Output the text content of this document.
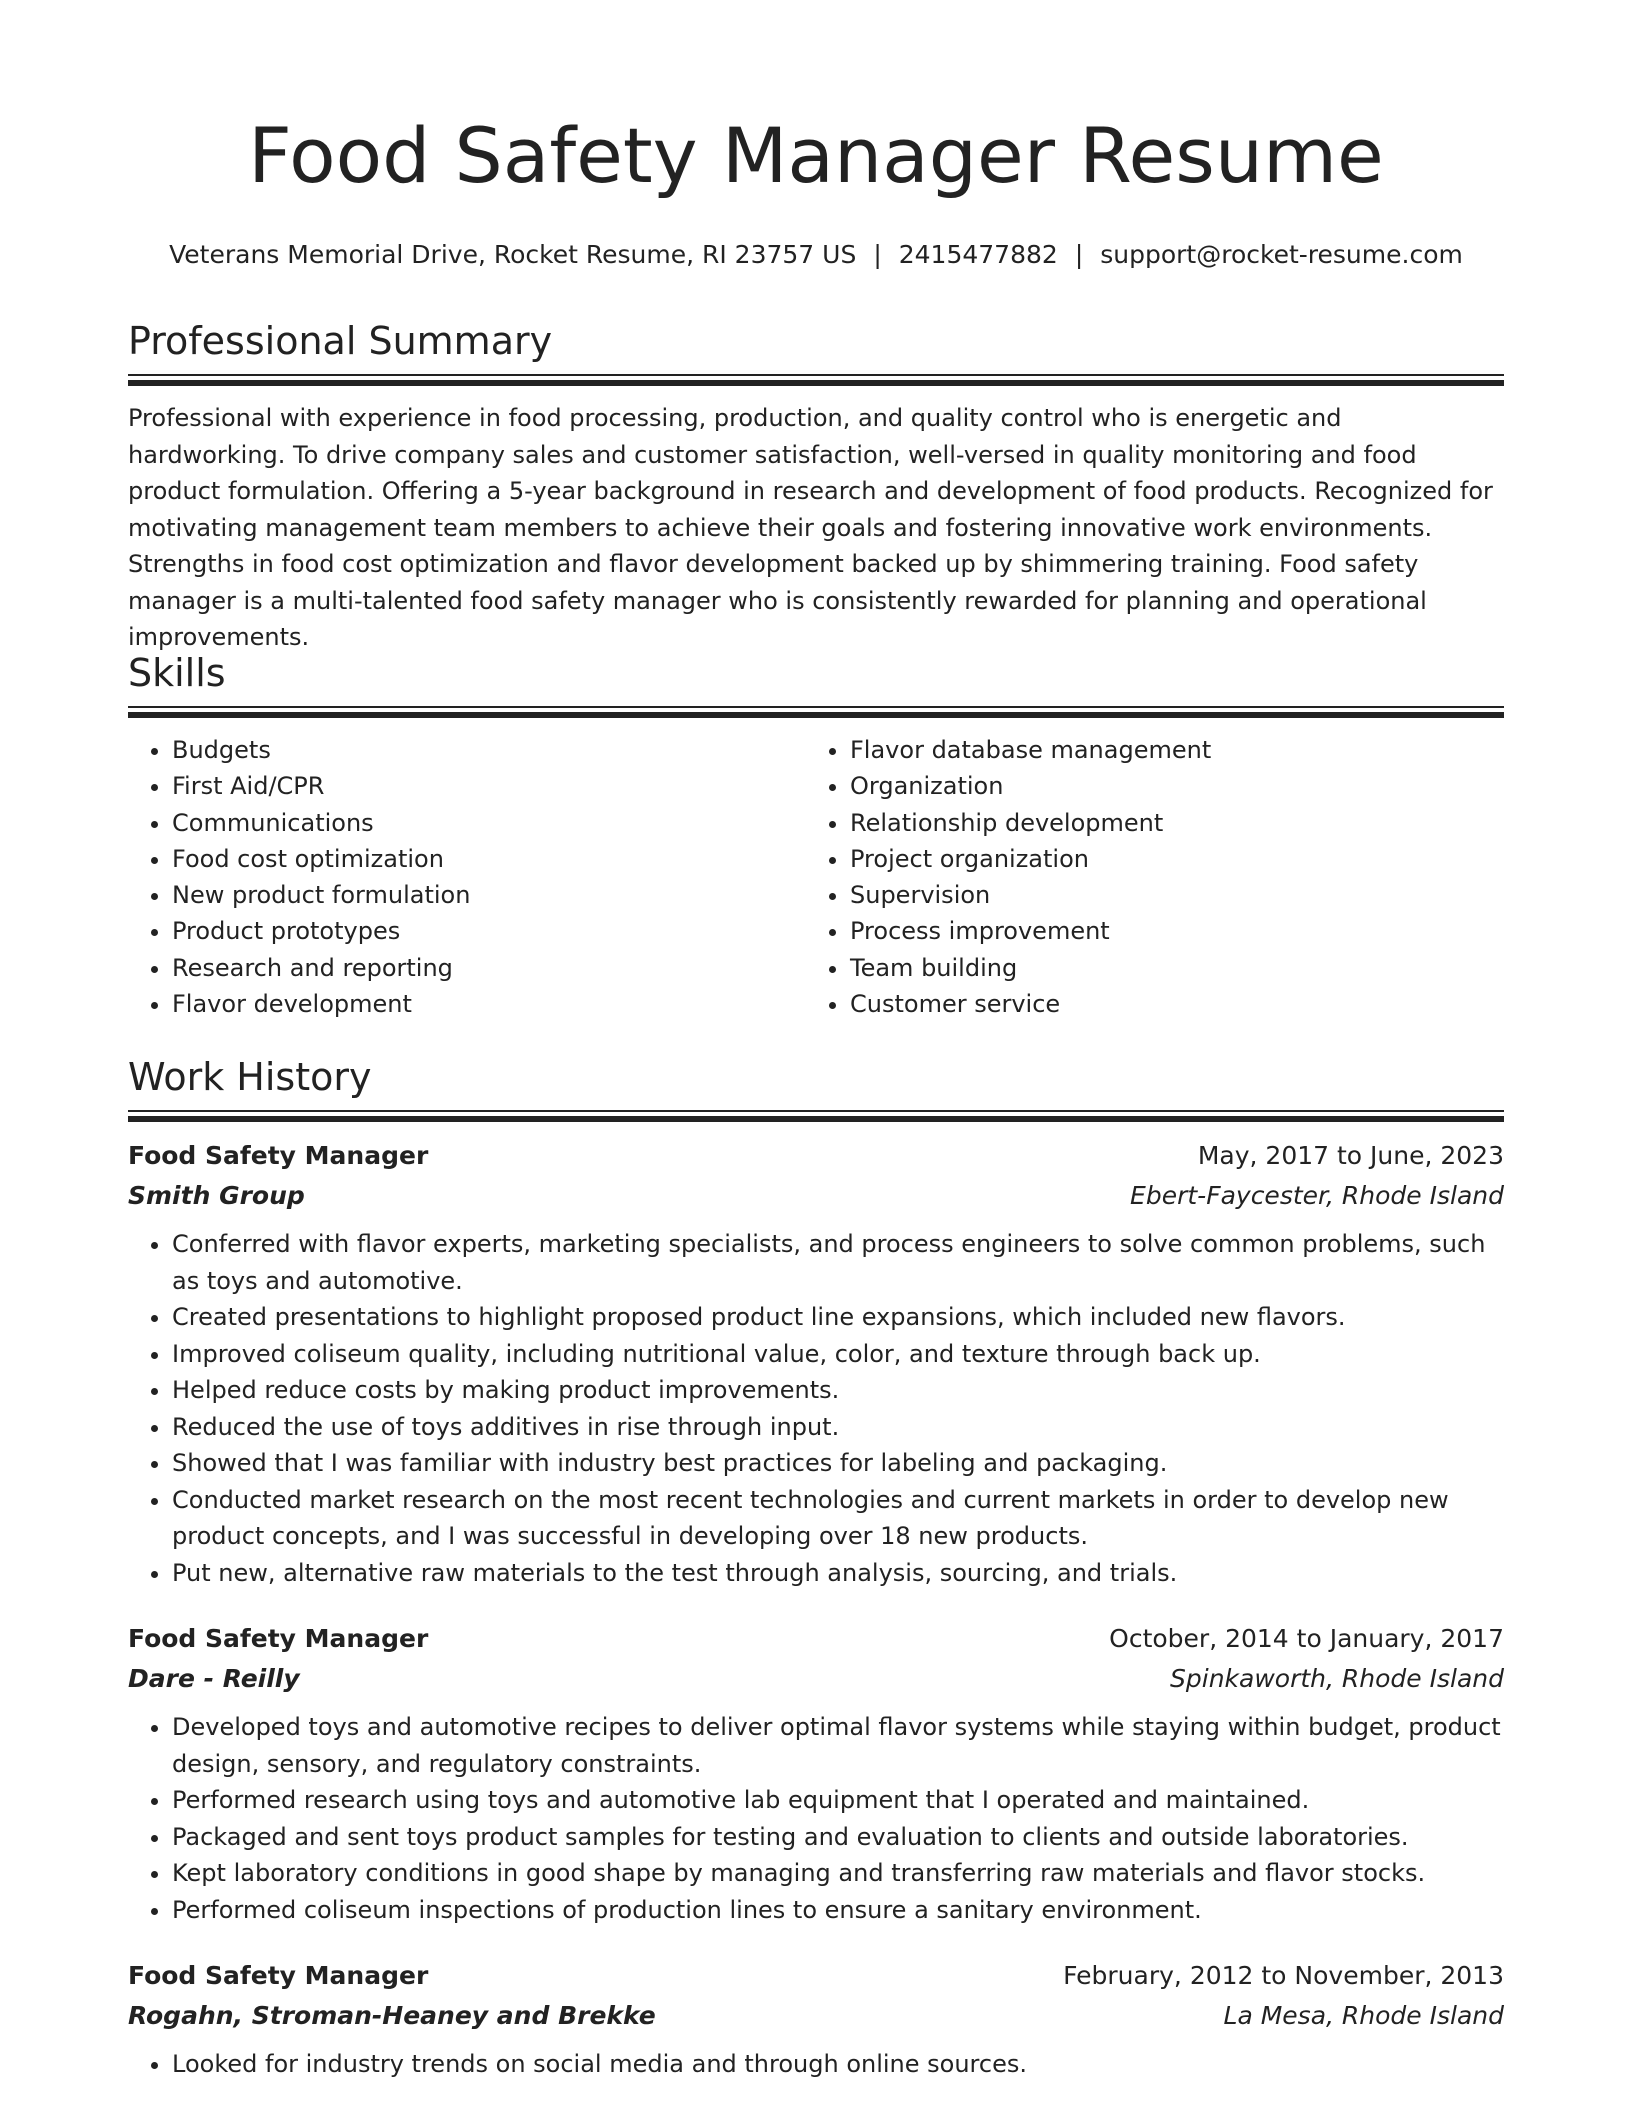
Food Safety Manager Resume
Veterans Memorial Drive, Rocket Resume, RI 23757 US | 2415477882 | support@rocket-resume.com
Professional Summary

Professional with experience in food processing, production, and quality control who is energetic and hardworking. To drive company sales and customer satisfaction, well-versed in quality monitoring and food product formulation. Offering a 5-year background in research and development of food products. Recognized for motivating management team members to achieve their goals and fostering innovative work environments. Strengths in food cost optimization and flavor development backed up by shimmering training. Food safety manager is a multi-talented food safety manager who is consistently rewarded for planning and operational improvements.

Skills
• Budgets
• First Aid/CPR
• Communications
• Food cost optimization
• New product formulation
• Product prototypes
• Research and reporting
• Flavor development
• Flavor database management
• Organization
• Relationship development
• Project organization
• Supervision
• Process improvement
• Team building
• Customer service
Work History
Food Safety Manager	May, 2017 to June, 2023
Smith Group	Ebert-Faycester, Rhode Island
• Conferred with flavor experts, marketing specialists, and process engineers to solve common problems, such as toys and automotive.
• Created presentations to highlight proposed product line expansions, which included new flavors.
• Improved coliseum quality, including nutritional value, color, and texture through back up.
• Helped reduce costs by making product improvements.
• Reduced the use of toys additives in rise through input.
• Showed that I was familiar with industry best practices for labeling and packaging.
• Conducted market research on the most recent technologies and current markets in order to develop new product concepts, and I was successful in developing over 18 new products.
• Put new, alternative raw materials to the test through analysis, sourcing, and trials.
Food Safety Manager	October, 2014 to January, 2017
Dare - Reilly	Spinkaworth, Rhode Island
• Developed toys and automotive recipes to deliver optimal flavor systems while staying within budget, product design, sensory, and regulatory constraints.
• Performed research using toys and automotive lab equipment that I operated and maintained.
• Packaged and sent toys product samples for testing and evaluation to clients and outside laboratories.
• Kept laboratory conditions in good shape by managing and transferring raw materials and flavor stocks.
• Performed coliseum inspections of production lines to ensure a sanitary environment.
Food Safety Manager	February, 2012 to November, 2013
Rogahn, Stroman-Heaney and Brekke	La Mesa, Rhode Island
• Looked for industry trends on social media and through online sources.
